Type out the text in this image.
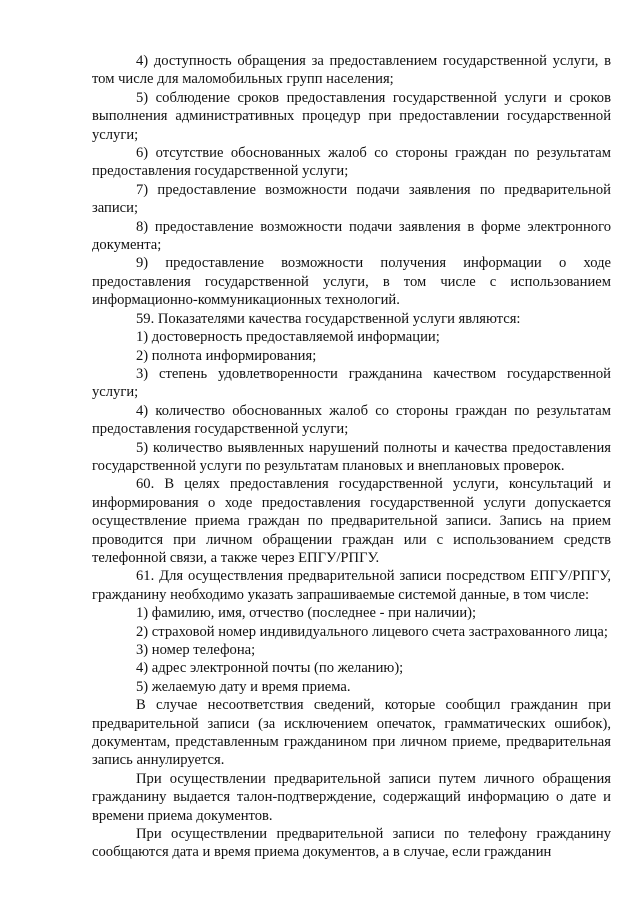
4) доступность обращения за предоставлением государственной услуги, в том числе для маломобильных групп населения;

5) соблюдение сроков предоставления государственной услуги и сроков выполнения административных процедур при предоставлении государственной услуги;

6) отсутствие обоснованных жалоб со стороны граждан по результатам предоставления государственной услуги;

7) предоставление возможности подачи заявления по предварительной записи;

8) предоставление возможности подачи заявления в форме электронного документа;

9) предоставление возможности получения информации о ходе предоставления государственной услуги, в том числе с использованием информационно-коммуникационных технологий.

59. Показателями качества государственной услуги являются:

1) достоверность предоставляемой информации;

2) полнота информирования;

3) степень удовлетворенности гражданина качеством государственной услуги;

4) количество обоснованных жалоб со стороны граждан по результатам предоставления государственной услуги;

5) количество выявленных нарушений полноты и качества предоставления государственной услуги по результатам плановых и внеплановых проверок.

60. В целях предоставления государственной услуги, консультаций и информирования о ходе предоставления государственной услуги допускается осуществление приема граждан по предварительной записи. Запись на прием проводится при личном обращении граждан или с использованием средств телефонной связи, а также через ЕПГУ/РПГУ.

61. Для осуществления предварительной записи посредством ЕПГУ/РПГУ, гражданину необходимо указать запрашиваемые системой данные, в том числе:

1) фамилию, имя, отчество (последнее - при наличии);

2) страховой номер индивидуального лицевого счета застрахованного лица;

3) номер телефона;

4) адрес электронной почты (по желанию);

5) желаемую дату и время приема.

В случае несоответствия сведений, которые сообщил гражданин при предварительной записи (за исключением опечаток, грамматических ошибок), документам, представленным гражданином при личном приеме, предварительная запись аннулируется.

При осуществлении предварительной записи путем личного обращения гражданину выдается талон-подтверждение, содержащий информацию о дате и времени приема документов.

При осуществлении предварительной записи по телефону гражданину сообщаются дата и время приема документов, а в случае, если гражданин
